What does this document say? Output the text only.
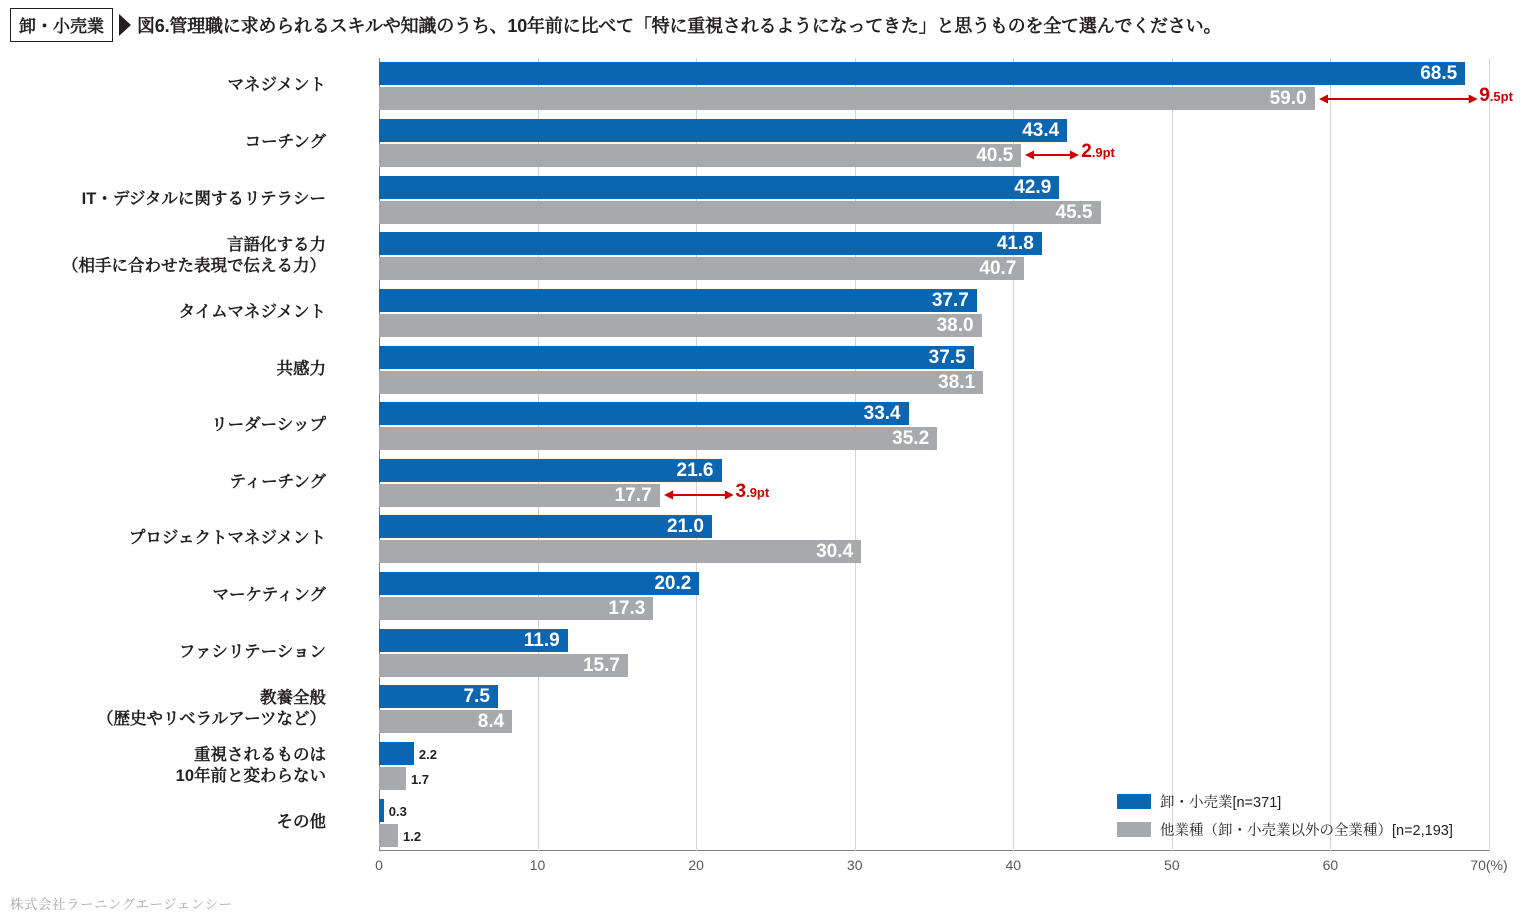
卸・小売業	図6.管理職に求められるスキルや知識のうち、10年前に比べて「特に重視されるようになってきた」と思うものを全て選んでください。
0	10	20	30	40	50	60	70(%)
マネジメント
68.5
59.0
コーチング
43.4
40.5
IT・デジタルに関するリテラシー
42.9
45.5
言語化する力
（相手に合わせた表現で伝える力）
41.8
40.7
タイムマネジメント
37.7
38.0
共感力
37.5
38.1
リーダーシップ
33.4
35.2
ティーチング
21.6
17.7
プロジェクトマネジメント
21.0
30.4
マーケティング
20.2
17.3
ファシリテーション
11.9
15.7
教養全般
（歴史やリベラルアーツなど）
7.5
8.4
重視されるものは
10年前と変わらない
2.2
1.7
その他
0.3
1.2
9.5pt
2.9pt
3.9pt
卸・小売業[n=371]
他業種（卸・小売業以外の全業種）[n=2,193]
株式会社ラーニングエージェンシー
